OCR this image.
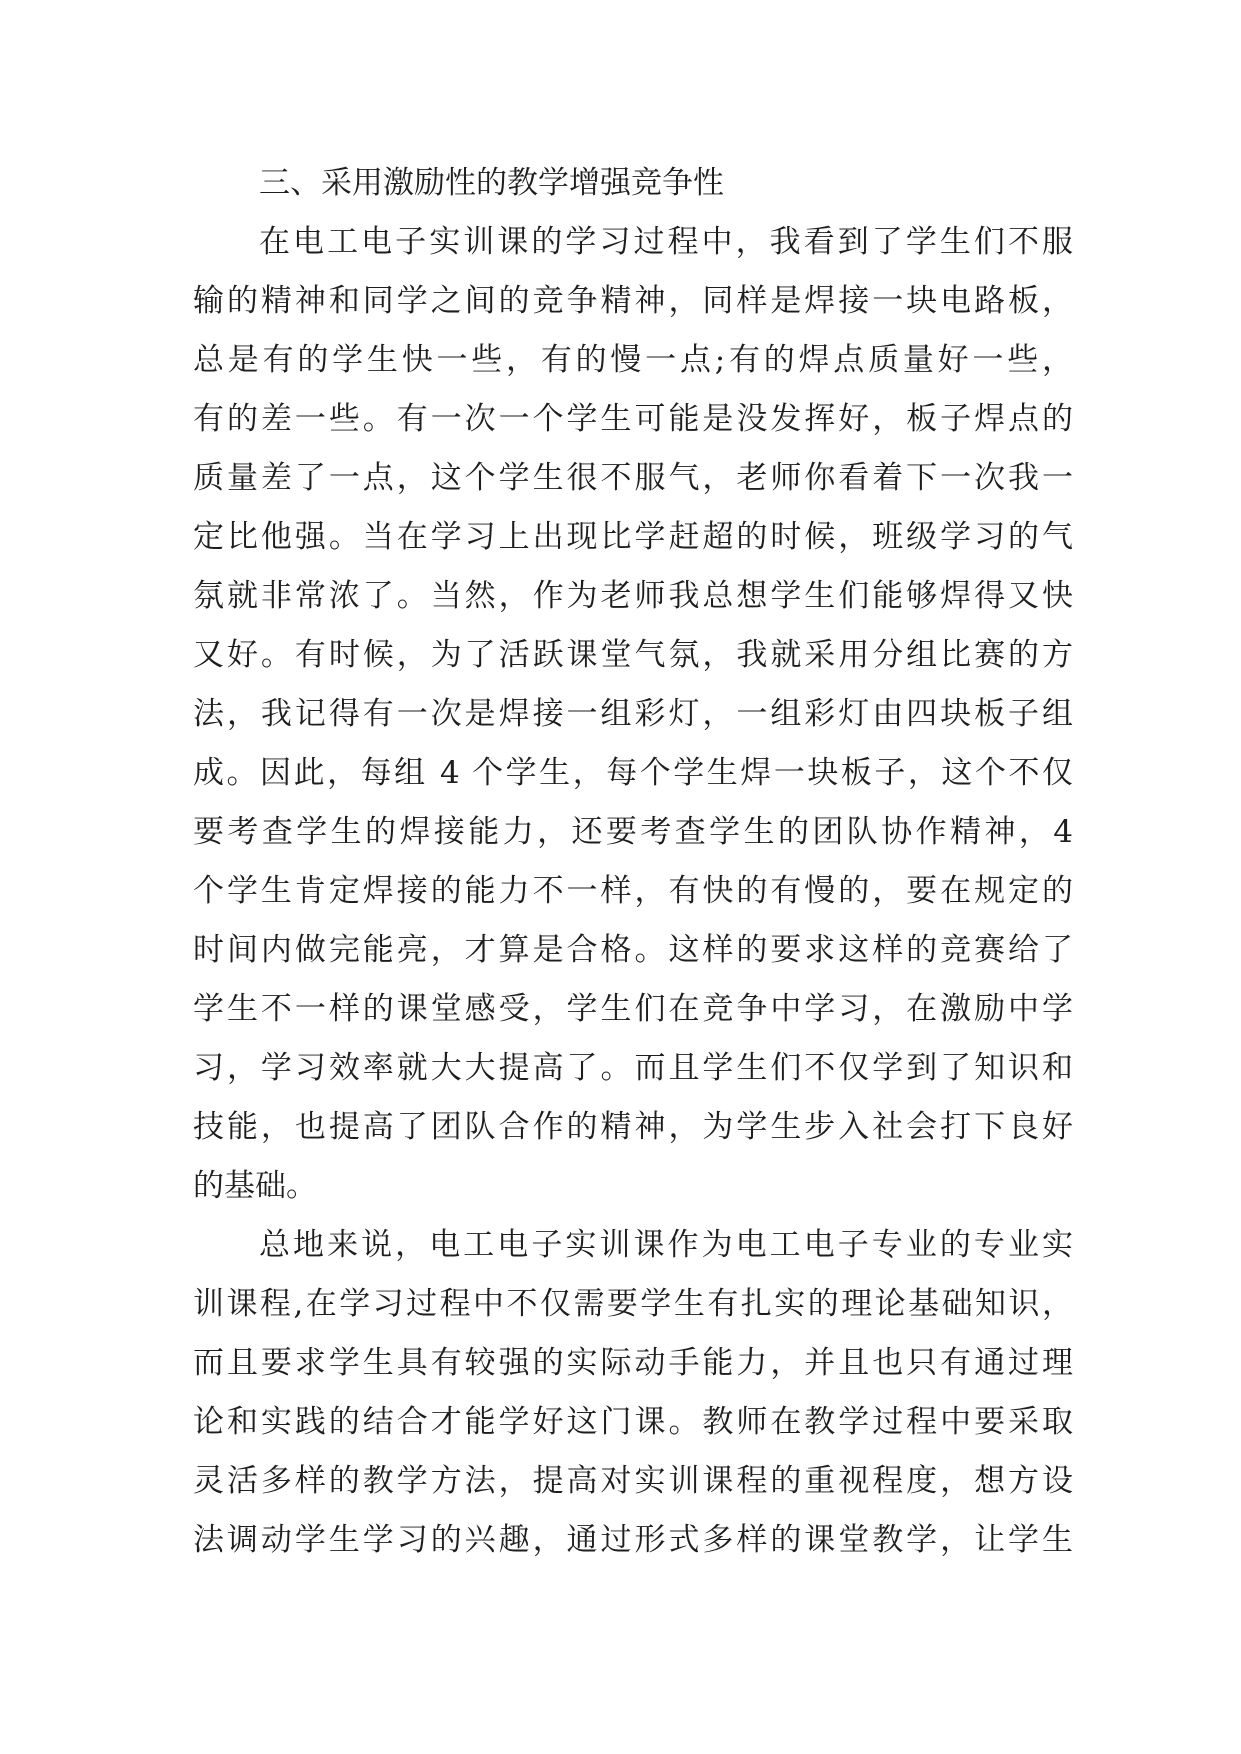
三、采用激励性的教学增强竞争性
在电工电子实训课的学习过程中，我看到了学生们不服
输的精神和同学之间的竞争精神，同样是焊接一块电路板，
总是有的学生快一些，有的慢一点;有的焊点质量好一些，
有的差一些。有一次一个学生可能是没发挥好，板子焊点的
质量差了一点，这个学生很不服气，老师你看着下一次我一
定比他强。当在学习上出现比学赶超的时候，班级学习的气
氛就非常浓了。当然，作为老师我总想学生们能够焊得又快
又好。有时候，为了活跃课堂气氛，我就采用分组比赛的方
法，我记得有一次是焊接一组彩灯，一组彩灯由四块板子组
成。因此，每组 4 个学生，每个学生焊一块板子，这个不仅
要考查学生的焊接能力，还要考查学生的团队协作精神，4
个学生肯定焊接的能力不一样，有快的有慢的，要在规定的
时间内做完能亮，才算是合格。这样的要求这样的竞赛给了
学生不一样的课堂感受，学生们在竞争中学习，在激励中学
习，学习效率就大大提高了。而且学生们不仅学到了知识和
技能，也提高了团队合作的精神，为学生步入社会打下良好
的基础。
总地来说，电工电子实训课作为电工电子专业的专业实
训课程,在学习过程中不仅需要学生有扎实的理论基础知识，
而且要求学生具有较强的实际动手能力，并且也只有通过理
论和实践的结合才能学好这门课。教师在教学过程中要采取
灵活多样的教学方法，提高对实训课程的重视程度，想方设
法调动学生学习的兴趣，通过形式多样的课堂教学，让学生
